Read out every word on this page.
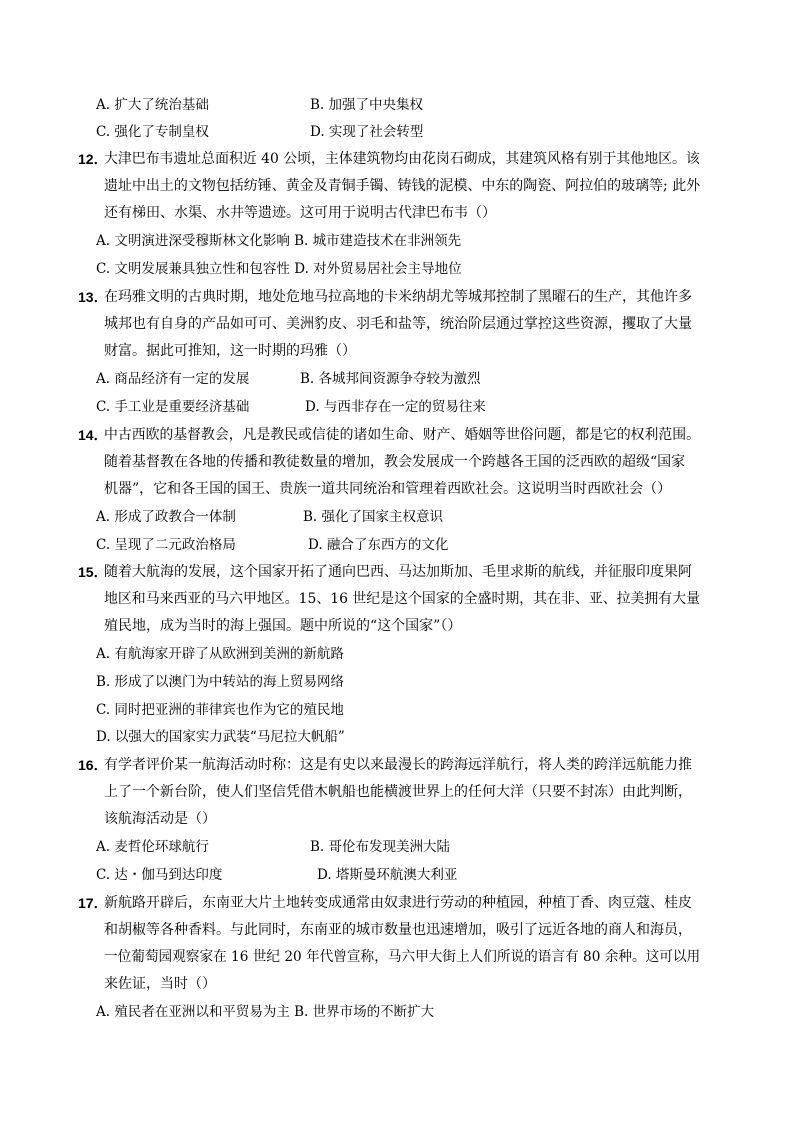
A. 扩大了统治基础	B. 加强了中央集权
C. 强化了专制皇权	D. 实现了社会转型
12．
大津巴布韦遗址总面积近 40 公顷，主体建筑物均由花岗石砌成，其建筑风格有别于其他地区。该
遗址中出土的文物包括纺锤、黄金及青铜手镯、铸钱的泥模、中东的陶瓷、阿拉伯的玻璃等; 此外
还有梯田、水渠、水井等遗迹。这可用于说明古代津巴布韦（）
A. 文明演进深受穆斯林文化影响 B. 城市建造技术在非洲领先
C. 文明发展兼具独立性和包容性 D. 对外贸易居社会主导地位
13．
在玛雅文明的古典时期，地处危地马拉高地的卡米纳胡尤等城邦控制了黑曜石的生产，其他许多
城邦也有自身的产品如可可、美洲豹皮、羽毛和盐等，统治阶层通过掌控这些资源，攫取了大量
财富。据此可推知，这一时期的玛雅（）
A. 商品经济有一定的发展	B. 各城邦间资源争夺较为激烈
C. 手工业是重要经济基础	D. 与西非存在一定的贸易往来
14．
中古西欧的基督教会，凡是教民或信徒的诸如生命、财产、婚姻等世俗问题，都是它的权利范围。
随着基督教在各地的传播和教徒数量的增加，教会发展成一个跨越各王国的泛西欧的超级“国家
机器”，它和各王国的国王、贵族一道共同统治和管理着西欧社会。这说明当时西欧社会（）
A. 形成了政教合一体制	B. 强化了国家主权意识
C. 呈现了二元政治格局	D. 融合了东西方的文化
15．
随着大航海的发展，这个国家开拓了通向巴西、马达加斯加、毛里求斯的航线，并征服印度果阿
地区和马来西亚的马六甲地区。15、16 世纪是这个国家的全盛时期，其在非、亚、拉美拥有大量
殖民地，成为当时的海上强国。题中所说的“这个国家”（）
A. 有航海家开辟了从欧洲到美洲的新航路
B. 形成了以澳门为中转站的海上贸易网络
C. 同时把亚洲的菲律宾也作为它的殖民地
D. 以强大的国家实力武装“马尼拉大帆船”
16．
有学者评价某一航海活动时称：这是有史以来最漫长的跨海远洋航行，将人类的跨洋远航能力推
上了一个新台阶，使人们坚信凭借木帆船也能横渡世界上的任何大洋（只要不封冻）由此判断，
该航海活动是（）
A. 麦哲伦环球航行	B. 哥伦布发现美洲大陆
C. 达・伽马到达印度	D. 塔斯曼环航澳大利亚
17．
新航路开辟后，东南亚大片土地转变成通常由奴隶进行劳动的种植园，种植丁香、肉豆蔻、桂皮
和胡椒等各种香料。与此同时，东南亚的城市数量也迅速增加，吸引了远近各地的商人和海员，
一位葡萄园观察家在 16 世纪 20 年代曾宣称，马六甲大街上人们所说的语言有 80 余种。这可以用
来佐证，当时（）
A. 殖民者在亚洲以和平贸易为主 B. 世界市场的不断扩大
